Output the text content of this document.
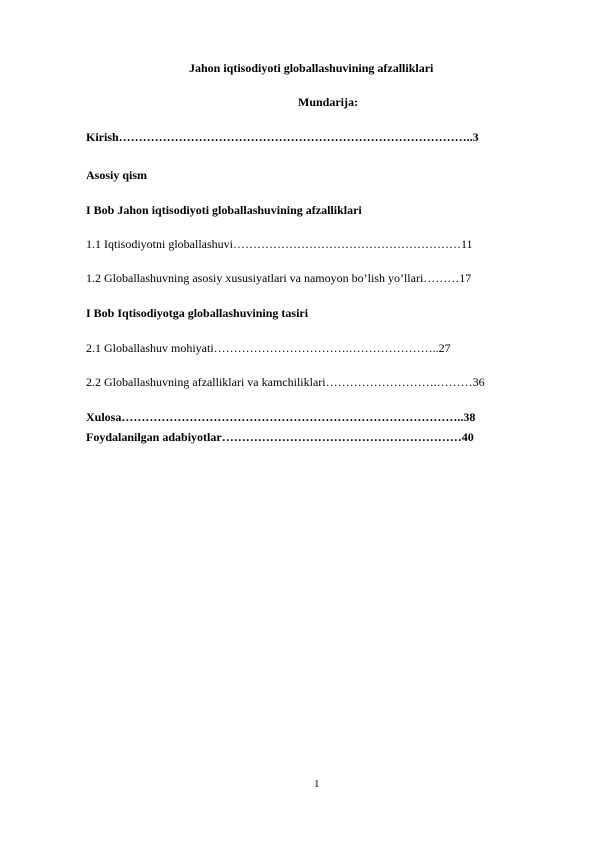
Jahon iqtisodiyoti globallashuvining afzalliklari
Mundarija:
Kirish……………………………………………………………………………..3
Asosiy qism
I Bob Jahon iqtisodiyoti globallashuvining afzalliklari
1.1 Iqtisodiyotni globallashuvi…………………………………………………11
1.2 Globallashuvning asosiy xususiyatlari va namoyon bo’lish yo’llari………17
I Bob Iqtisodiyotga globallashuvining tasiri
2.1 Globallashuv mohiyati…………………………….…………………..27
2.2 Globallashuvning afzalliklari va kamchiliklari……………………….………36
Xulosa…………………………………………………………………………..38
Foydalanilgan adabiyotlar……………………………………………………40
1
